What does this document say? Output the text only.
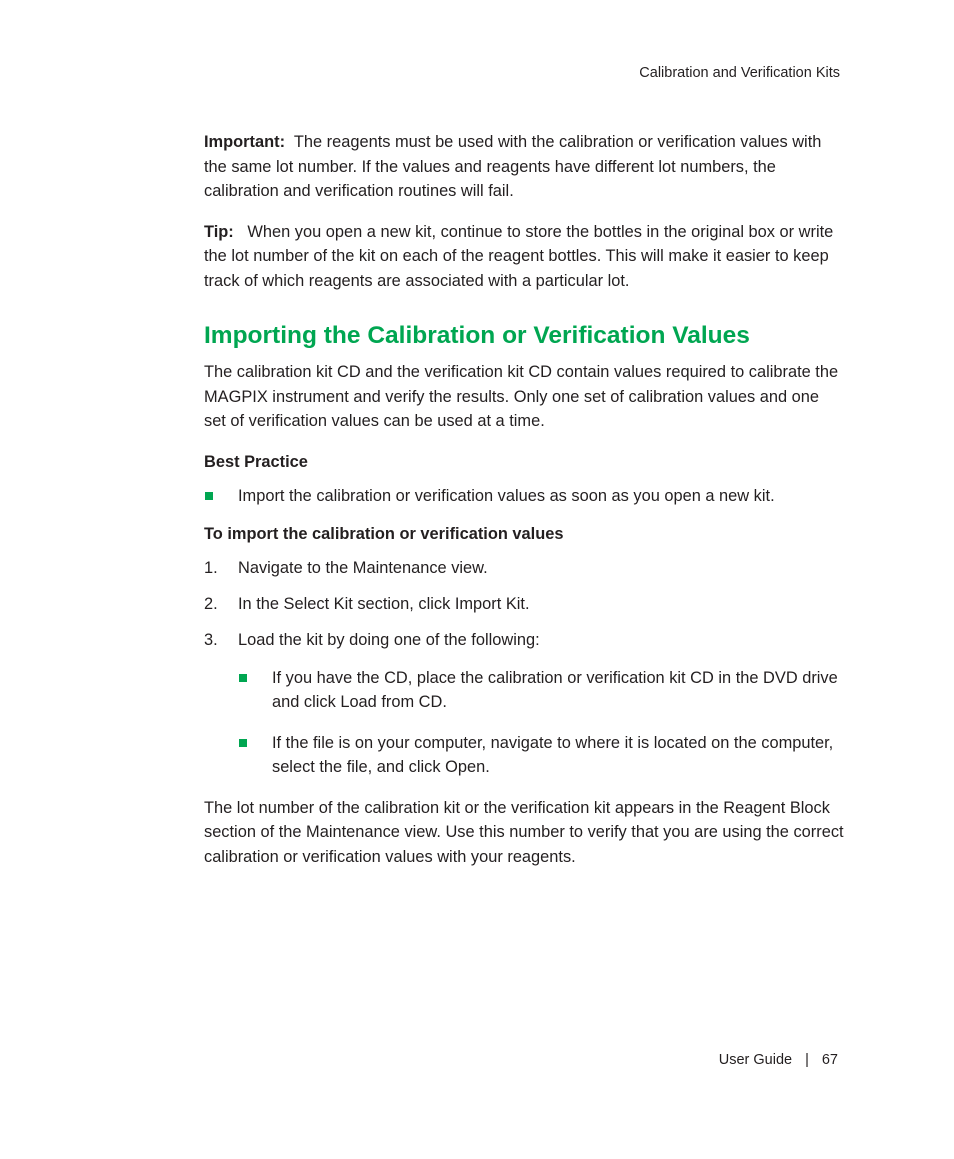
Calibration and Verification Kits

Important: The reagents must be used with the calibration or verification values with the same lot number. If the values and reagents have different lot numbers, the calibration and verification routines will fail.

Tip: When you open a new kit, continue to store the bottles in the original box or write the lot number of the kit on each of the reagent bottles. This will make it easier to keep track of which reagents are associated with a particular lot.

Importing the Calibration or Verification Values

The calibration kit CD and the verification kit CD contain values required to calibrate the MAGPIX instrument and verify the results. Only one set of calibration values and one set of verification values can be used at a time.

Best Practice
Import the calibration or verification values as soon as you open a new kit.
To import the calibration or verification values
1. Navigate to the Maintenance view.
2. In the Select Kit section, click Import Kit.
3. Load the kit by doing one of the following:
If you have the CD, place the calibration or verification kit CD in the DVD drive and click Load from CD.
If the file is on your computer, navigate to where it is located on the computer, select the file, and click Open.

The lot number of the calibration kit or the verification kit appears in the Reagent Block section of the Maintenance view. Use this number to verify that you are using the correct calibration or verification values with your reagents.

User Guide | 67
